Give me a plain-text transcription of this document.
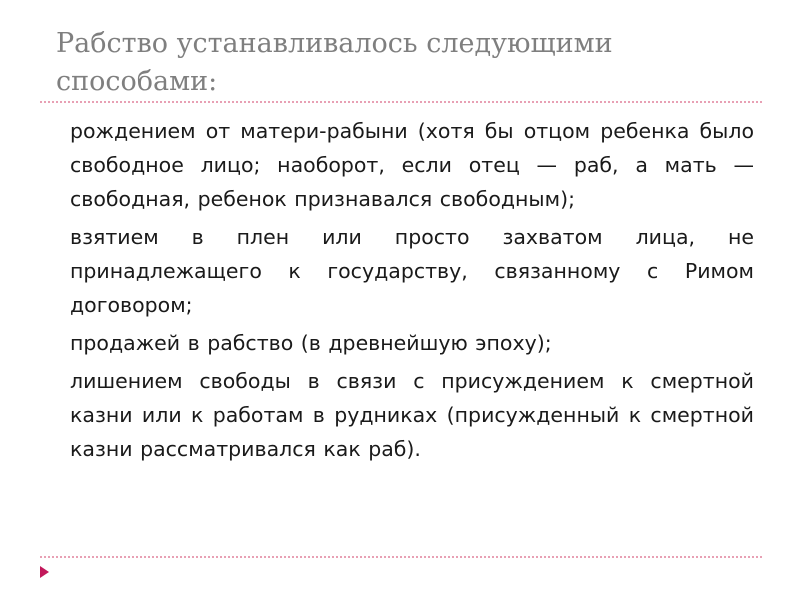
Рабство устанавливалось следующими способами:
рождением от матери-рабыни (хотя бы отцом ребенка было свободное лицо; наоборот, если отец — раб, а мать — свободная, ребенок признавался свободным);
взятием в плен или просто захватом лица, не принадлежащего к государству, связанному с Римом договором;
продажей в рабство (в древнейшую эпоху);
лишением свободы в связи с присуждением к смертной казни или к работам в рудниках (присужденный к смертной казни рассматривался как раб).
